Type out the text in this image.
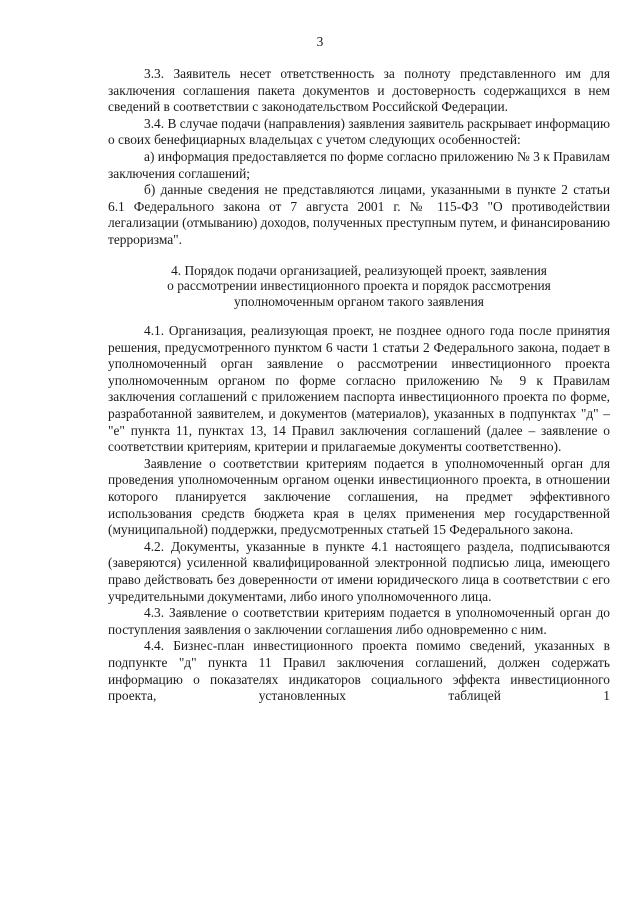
3

3.3. Заявитель несет ответственность за полноту представленного им для заключения соглашения пакета документов и достоверность содержащихся в нем сведений в соответствии с законодательством Российской Федерации.

3.4. В случае подачи (направления) заявления заявитель раскрывает информацию о своих бенефициарных владельцах с учетом следующих особенностей:

а) информация предоставляется по форме согласно приложению № 3 к Правилам заключения соглашений;

б) данные сведения не представляются лицами, указанными в пункте 2 статьи 6.1 Федерального закона от 7 августа 2001 г. № 115-ФЗ "О противодействии легализации (отмыванию) доходов, полученных преступным путем, и финансированию терроризма".

4. Порядок подачи организацией, реализующей проект, заявления
о рассмотрении инвестиционного проекта и порядок рассмотрения
уполномоченным органом такого заявления

4.1. Организация, реализующая проект, не позднее одного года после принятия решения, предусмотренного пунктом 6 части 1 статьи 2 Федерального закона, подает в уполномоченный орган заявление о рассмотрении инвестиционного проекта уполномоченным органом по форме согласно приложению № 9 к Правилам заключения соглашений с приложением паспорта инвестиционного проекта по форме, разработанной заявителем, и документов (материалов), указанных в подпунктах "д" – "е" пункта 11, пунктах 13, 14 Правил заключения соглашений (далее – заявление о соответствии критериям, критерии и прилагаемые документы соответственно).

Заявление о соответствии критериям подается в уполномоченный орган для проведения уполномоченным органом оценки инвестиционного проекта, в отношении которого планируется заключение соглашения, на предмет эффективного использования средств бюджета края в целях применения мер государственной (муниципальной) поддержки, предусмотренных статьей 15 Федерального закона.

4.2. Документы, указанные в пункте 4.1 настоящего раздела, подписываются (заверяются) усиленной квалифицированной электронной подписью лица, имеющего право действовать без доверенности от имени юридического лица в соответствии с его учредительными документами, либо иного уполномоченного лица.

4.3. Заявление о соответствии критериям подается в уполномоченный орган до поступления заявления о заключении соглашения либо одновременно с ним.

4.4. Бизнес-план инвестиционного проекта помимо сведений, указанных в подпункте "д" пункта 11 Правил заключения соглашений, должен содержать информацию о показателях индикаторов социального эффекта инвестиционного проекта, установленных таблицей 1
